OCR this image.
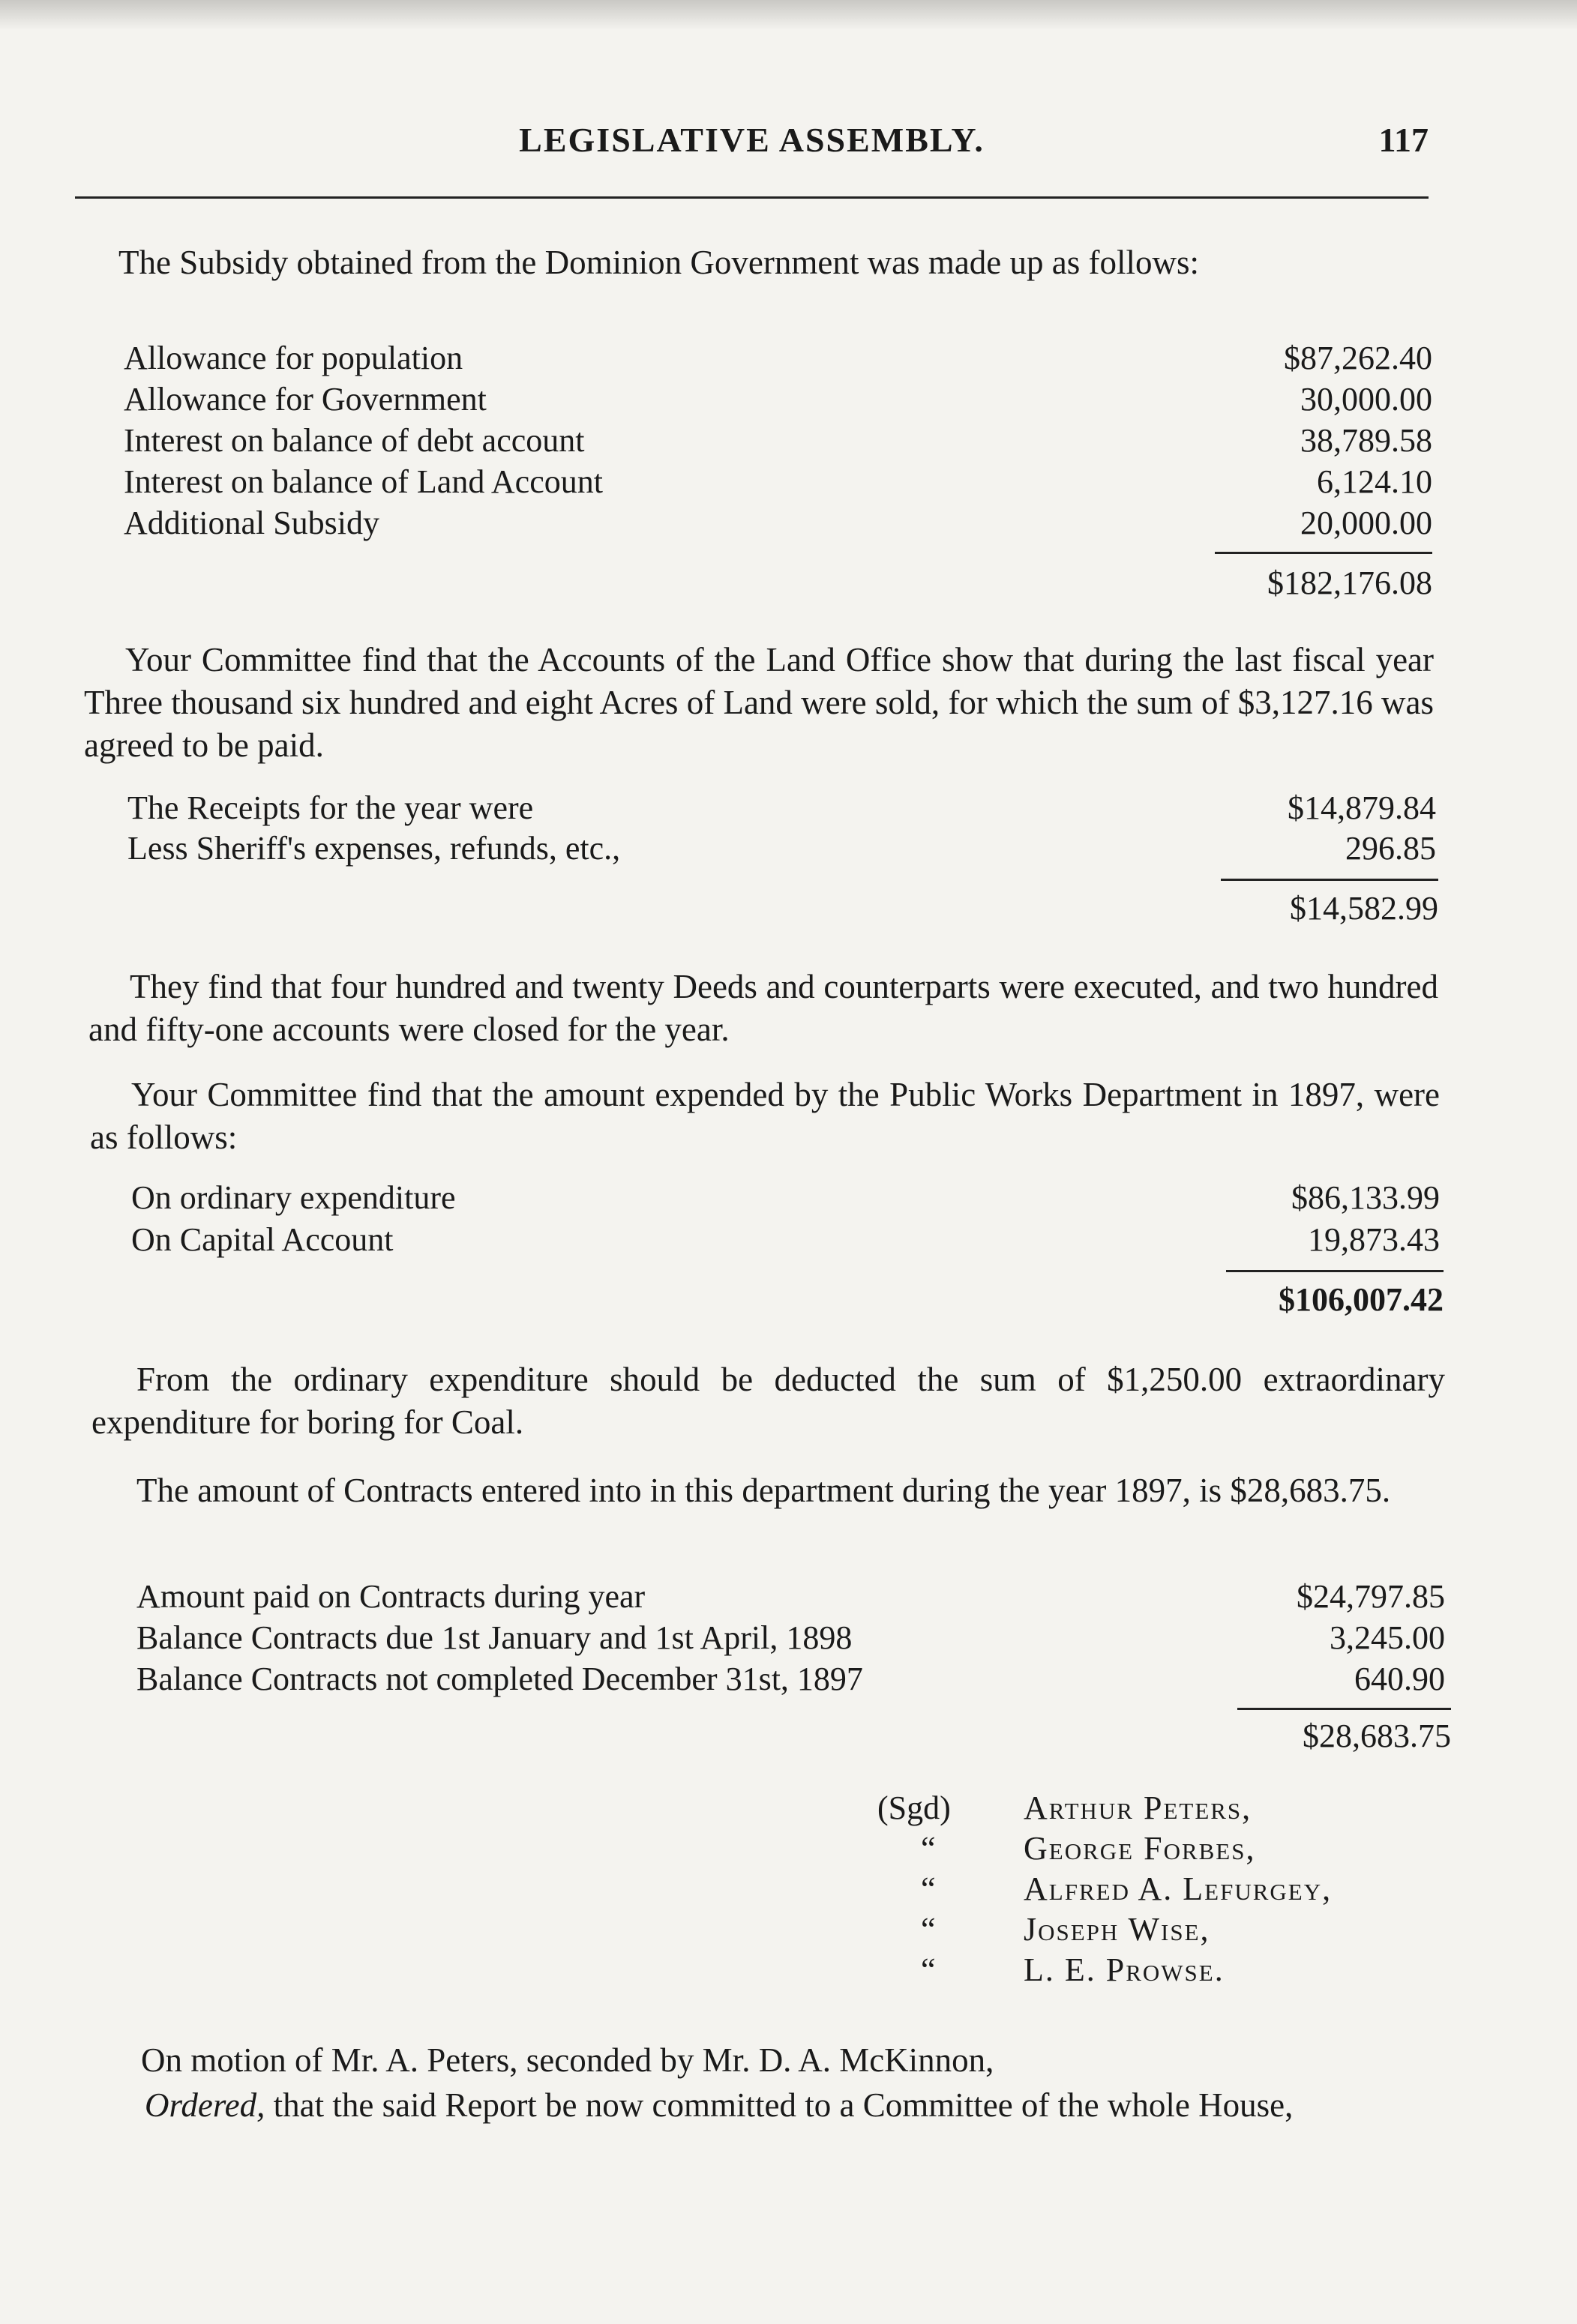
LEGISLATIVE ASSEMBLY.	117
The Subsidy obtained from the Dominion Government was made up as follows:
Allowance for population	$87,262.40
Allowance for Government	30,000.00
Interest on balance of debt account	38,789.58
Interest on balance of Land Account	6,124.10
Additional Subsidy	20,000.00
$182,176.08
Your Committee find that the Accounts of the Land Office show that during the last fiscal year Three thousand six hundred and eight Acres of Land were sold, for which the sum of $3,127.16 was agreed to be paid.
The Receipts for the year were	$14,879.84
Less Sheriff's expenses, refunds, etc.,	296.85
$14,582.99
They find that four hundred and twenty Deeds and counterparts were executed, and two hundred and fifty-one accounts were closed for the year.
Your Committee find that the amount expended by the Public Works Department in 1897, were as follows:
On ordinary expenditure	$86,133.99
On Capital Account	19,873.43
$106,007.42
From the ordinary expenditure should be deducted the sum of $1,250.00 extraordinary expenditure for boring for Coal.
The amount of Contracts entered into in this department during the year 1897, is $28,683.75.
Amount paid on Contracts during year	$24,797.85
Balance Contracts due 1st January and 1st April, 1898	3,245.00
Balance Contracts not completed December 31st, 1897	640.90
$28,683.75
(Sgd) Arthur Peters,
“	George Forbes,
“	Alfred A. Lefurgey,
“	Joseph Wise,
“	L. E. Prowse.
On motion of Mr. A. Peters, seconded by Mr. D. A. McKinnon,
Ordered, that the said Report be now committed to a Committee of the whole House,
